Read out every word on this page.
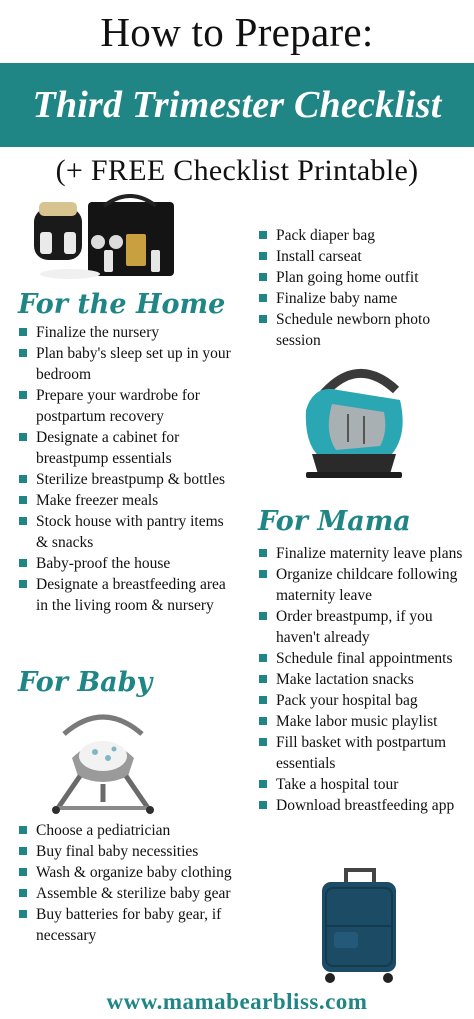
How to Prepare:
Third Trimester Checklist
(+ FREE Checklist Printable)
For the Home
Finalize the nursery
Plan baby's sleep set up in your bedroom
Prepare your wardrobe for postpartum recovery
Designate a cabinet for breastpump essentials
Sterilize breastpump & bottles
Make freezer meals
Stock house with pantry items & snacks
Baby-proof the house
Designate a breastfeeding area in the living room & nursery
For Baby
Choose a pediatrician
Buy final baby necessities
Wash & organize baby clothing
Assemble & sterilize baby gear
Buy batteries for baby gear, if necessary
Pack diaper bag
Install carseat
Plan going home outfit
Finalize baby name
Schedule newborn photo session
For Mama
Finalize maternity leave plans
Organize childcare following maternity leave
Order breastpump, if you haven't already
Schedule final appointments
Make lactation snacks
Pack your hospital bag
Make labor music playlist
Fill basket with postpartum essentials
Take a hospital tour
Download breastfeeding app
www.mamabearbliss.com
